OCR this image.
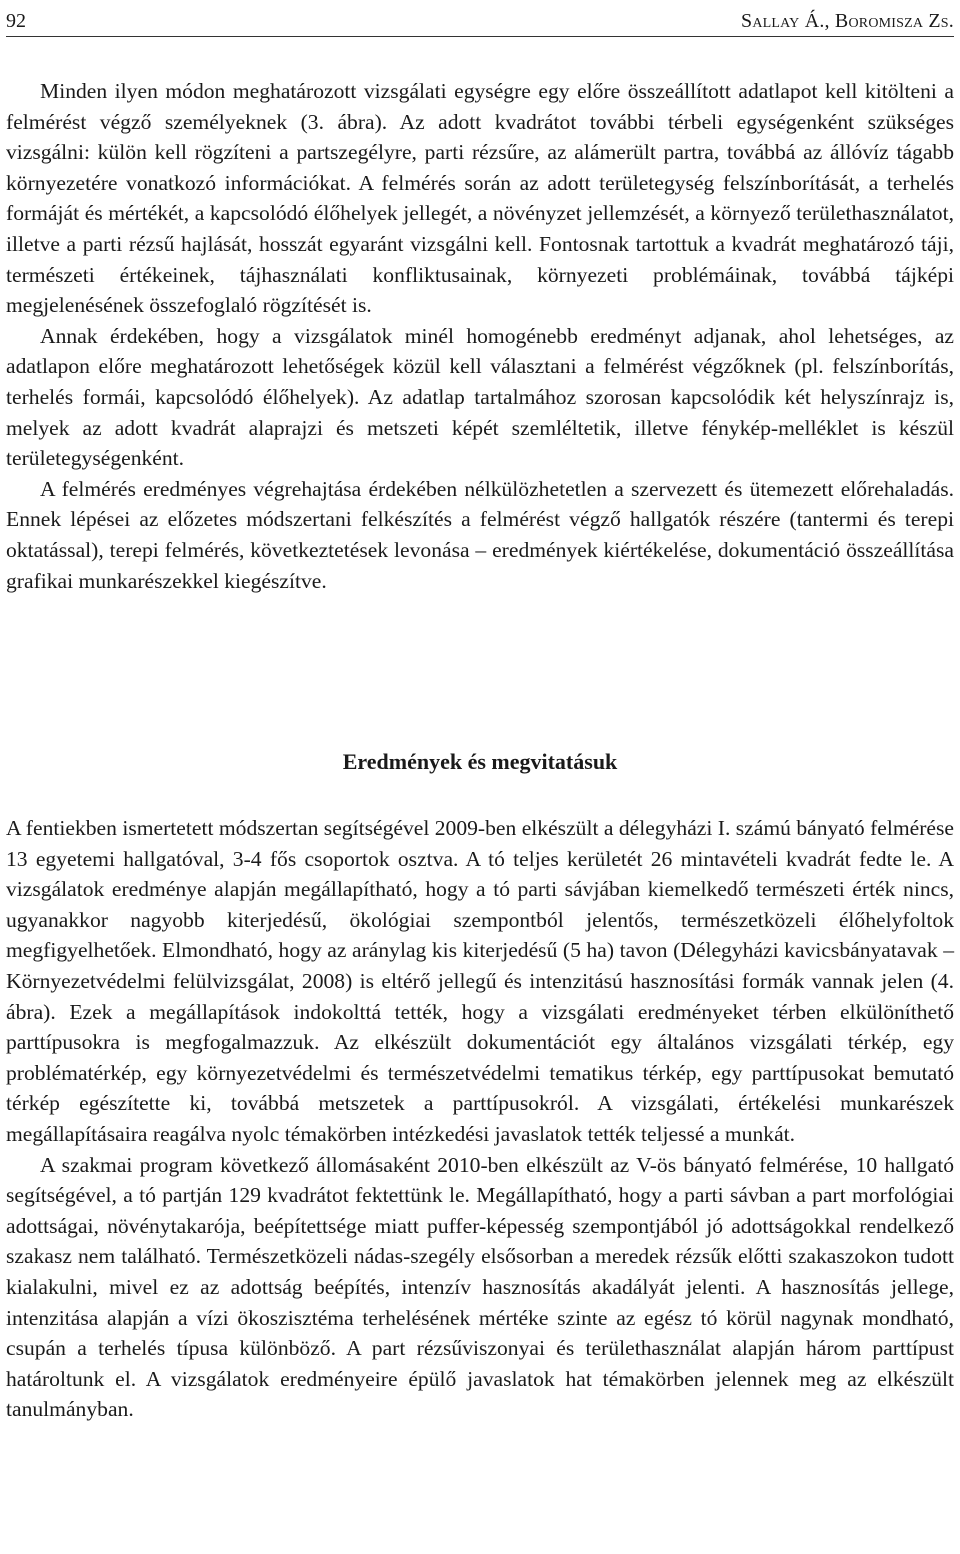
92	Sallay Á., Boromisza Zs.

Minden ilyen módon meghatározott vizsgálati egységre egy előre összeállított adatlapot kell kitölteni a felmérést végző személyeknek (3. ábra). Az adott kvadrátot további térbeli egységenként szükséges vizsgálni: külön kell rögzíteni a partszegélyre, parti rézsűre, az alámerült partra, továbbá az állóvíz tágabb környezetére vonatkozó információkat. A felmérés során az adott területegység felszínborítását, a terhelés formáját és mértékét, a kapcsolódó élőhelyek jellegét, a növényzet jellemzését, a környező területhasználatot, illetve a parti rézsű hajlását, hosszát egyaránt vizsgálni kell. Fontosnak tartottuk a kvadrát meghatározó táji, természeti értékeinek, tájhasználati konfliktusainak, környezeti problémáinak, továbbá tájképi megjelenésének összefoglaló rögzítését is.

Annak érdekében, hogy a vizsgálatok minél homogénebb eredményt adjanak, ahol lehetséges, az adatlapon előre meghatározott lehetőségek közül kell választani a felmérést végzőknek (pl. felszínborítás, terhelés formái, kapcsolódó élőhelyek). Az adatlap tartalmához szorosan kapcsolódik két helyszínrajz is, melyek az adott kvadrát alaprajzi és metszeti képét szemléltetik, illetve fénykép-melléklet is készül területegységenként.

A felmérés eredményes végrehajtása érdekében nélkülözhetetlen a szervezett és ütemezett előrehaladás. Ennek lépései az előzetes módszertani felkészítés a felmérést végző hallgatók részére (tantermi és terepi oktatással), terepi felmérés, következtetések levonása – eredmények kiértékelése, dokumentáció összeállítása grafikai munkarészekkel kiegészítve.

Eredmények és megvitatásuk

A fentiekben ismertetett módszertan segítségével 2009-ben elkészült a délegyházi I. számú bányató felmérése 13 egyetemi hallgatóval, 3-4 fős csoportok osztva. A tó teljes kerületét 26 mintavételi kvadrát fedte le. A vizsgálatok eredménye alapján megállapítható, hogy a tó parti sávjában kiemelkedő természeti érték nincs, ugyanakkor nagyobb kiterjedésű, ökológiai szempontból jelentős, természetközeli élőhelyfoltok megfigyelhetőek. Elmondható, hogy az aránylag kis kiterjedésű (5 ha) tavon (Délegyházi kavicsbányatavak – Környezetvédelmi felülvizsgálat, 2008) is eltérő jellegű és intenzitású hasznosítási formák vannak jelen (4. ábra). Ezek a megállapítások indokolttá tették, hogy a vizsgálati eredményeket térben elkülöníthető parttípusokra is megfogalmazzuk. Az elkészült dokumentációt egy általános vizsgálati térkép, egy problématérkép, egy környezetvédelmi és természetvédelmi tematikus térkép, egy parttípusokat bemutató térkép egészítette ki, továbbá metszetek a parttípusokról. A vizsgálati, értékelési munkarészek megállapításaira reagálva nyolc témakörben intézkedési javaslatok tették teljessé a munkát.

A szakmai program következő állomásaként 2010-ben elkészült az V-ös bányató felmérése, 10 hallgató segítségével, a tó partján 129 kvadrátot fektettünk le. Megállapítható, hogy a parti sávban a part morfológiai adottságai, növénytakarója, beépítettsége miatt puffer-képesség szempontjából jó adottságokkal rendelkező szakasz nem található. Természetközeli nádas-szegély elsősorban a meredek rézsűk előtti szakaszokon tudott kialakulni, mivel ez az adottság beépítés, intenzív hasznosítás akadályát jelenti. A hasznosítás jellege, intenzitása alapján a vízi ökoszisztéma terhelésének mértéke szinte az egész tó körül nagynak mondható, csupán a terhelés típusa különböző. A part rézsűviszonyai és területhasználat alapján három parttípust határoltunk el. A vizsgálatok eredményeire épülő javaslatok hat témakörben jelennek meg az elkészült tanulmányban.
